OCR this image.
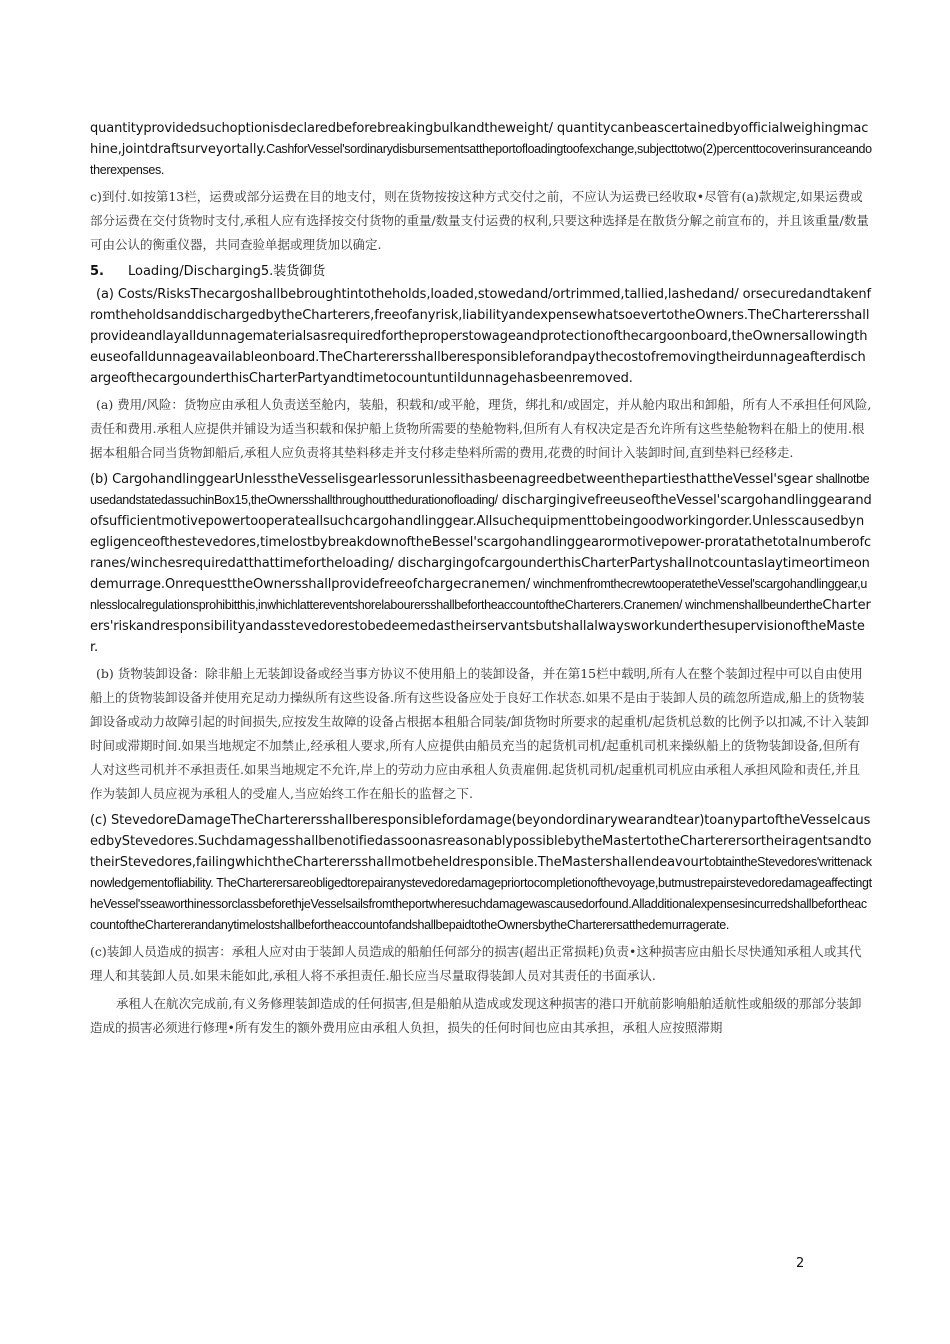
quantityprovidedsuchoptionisdeclaredbeforebreakingbulkandtheweight/ quantitycanbeascertainedbyofficialweighingmachine,jointdraftsurveyortally.CashforVessel'sordinarydisbursementsattheportofloadingtoofexchange,subjecttotwo(2)percenttocoverinsuranceandotherexpenses.

c)到付.如按第13栏，运费或部分运费在目的地支付，则在货物按按这种方式交付之前，不应认为运费已经收取•尽管有(a)款规定,如果运费或部分运费在交付货物时支付,承租人应有选择按交付货物的重量/数量支付运费的权利,只要这种选择是在散货分解之前宣布的，并且该重量/数量可由公认的衡重仪器，共同查验单据或理货加以确定.

5. Loading/Discharging5.装货御货

(a) Costs/RisksThecargoshallbebroughtintotheholds,loaded,stowedand/ortrimmed,tallied,lashedand/ orsecuredandtakenfromtheholdsanddischargedbytheCharterers,freeofanyrisk,liabilityandexpensewhatsoevertotheOwners.TheCharterersshallprovideandlayalldunnagematerialsasrequiredfortheproperstowageandprotectionofthecargoonboard,theOwnersallowingtheuseofalldunnageavailableonboard.TheCharterersshallberesponsibleforandpaythecostofremovingtheirdunnageafterdischargeofthecargounderthisCharterPartyandtimetocountuntildunnagehasbeenremoved.

(a) 费用/风险：货物应由承租人负责送至舱内，装船，积载和/或平舱，理货，绑扎和/或固定，并从舱内取出和卸船，所有人不承担任何风险,责任和费用.承租人应提供并铺设为适当积载和保护船上货物所需要的垫舱物料,但所有人有权决定是否允许所有这些垫舱物料在船上的使用.根据本租船合同当货物卸船后,承租人应负责将其垫料移走并支付移走垫料所需的费用,花费的时间计入装卸时间,直到垫料已经移走.

(b) CargohandlinggearUnlesstheVesselisgearlessorunlessithasbeenagreedbetweenthepartiesthattheVessel'sgear shallnotbeusedandstatedassuchinBox15,theOwnersshallthroughoutthedurationofloading/ dischargingivefreeuseoftheVessel'scargohandlinggearandofsufficientmotivepowertooperateallsuchcargohandlinggear.Allsuchequipmenttobeingoodworkingorder.Unlesscausedbynegligenceofthestevedores,timelostbybreakdownoftheBessel'scargohandlinggearormotivepower-proratathetotalnumberofcranes/winchesrequiredatthattimefortheloading/ dischargingofcargounderthisCharterPartyshallnotcountaslaytimeortimeondemurrage.OnrequesttheOwnersshallprovidefreeofchargecranemen/ winchmenfromthecrewtooperatetheVessel'scargohandlinggear,unlesslocalregulationsprohibitthis,inwhichlattereventshorelabourersshallbefortheaccountoftheCharterers.Cranemen/ winchmenshallbeundertheCharterers'riskandresponsibilityandasstevedorestobedeemedastheirservantsbutshallalwaysworkunderthesupervisionoftheMaster.

(b) 货物装卸设备：除非船上无装卸设备或经当事方协议不使用船上的装卸设备，并在第15栏中载明,所有人在整个装卸过程中可以自由使用船上的货物装卸设备并使用充足动力操纵所有这些设备.所有这些设备应处于良好工作状态.如果不是由于装卸人员的疏忽所造成,船上的货物装卸设备或动力故障引起的时间损失,应按发生故障的设备占根据本租船合同装/卸货物时所要求的起重机/起货机总数的比例予以扣减,不计入装卸时间或滞期时间.如果当地规定不加禁止,经承租人要求,所有人应提供由船员充当的起货机司机/起重机司机来操纵船上的货物装卸设备,但所有人对这些司机并不承担责任.如果当地规定不允许,岸上的劳动力应由承租人负责雇佣.起货机司机/起重机司机应由承租人承担风险和责任,并且作为装卸人员应视为承租人的受雇人,当应始终工作在船长的监督之下.

(c) StevedoreDamageTheCharterersshallberesponsiblefordamage(beyondordinarywearandtear)toanypartoftheVesselcausedbyStevedores.SuchdamagesshallbenotifiedassoonasreasonablypossiblebytheMastertotheCharterersortheiragentsandtotheirStevedores,failingwhichtheCharterersshallmotbeheldresponsible.TheMastershallendeavourtobtaintheStevedores'writtenacknowledgementofliability. TheCharterersareobligedtorepairanystevedoredamagepriortocompletionofthevoyage,butmustrepairstevedoredamageaffectingtheVessel'sseaworthinessorclassbeforethjeVesselsailsfromtheportwheresuchdamagewascausedorfound.AlladditionalexpensesincurredshallbefortheaccountoftheChartererandanytimelostshallbefortheaccountofandshallbepaidtotheOwnersbytheCharterersatthedemurragerate.

(c)装卸人员造成的损害：承租人应对由于装卸人员造成的船舶任何部分的损害(超出正常损耗)负责•这种损害应由船长尽快通知承租人或其代理人和其装卸人员.如果未能如此,承租人将不承担责任.船长应当尽量取得装卸人员对其责任的书面承认.

承租人在航次完成前,有义务修理装卸造成的任何损害,但是船舶从造成或发现这种损害的港口开航前影响船舶适航性或船级的那部分装卸造成的损害必须进行修理•所有发生的额外费用应由承租人负担，损失的任何时间也应由其承担，承租人应按照滞期

2
